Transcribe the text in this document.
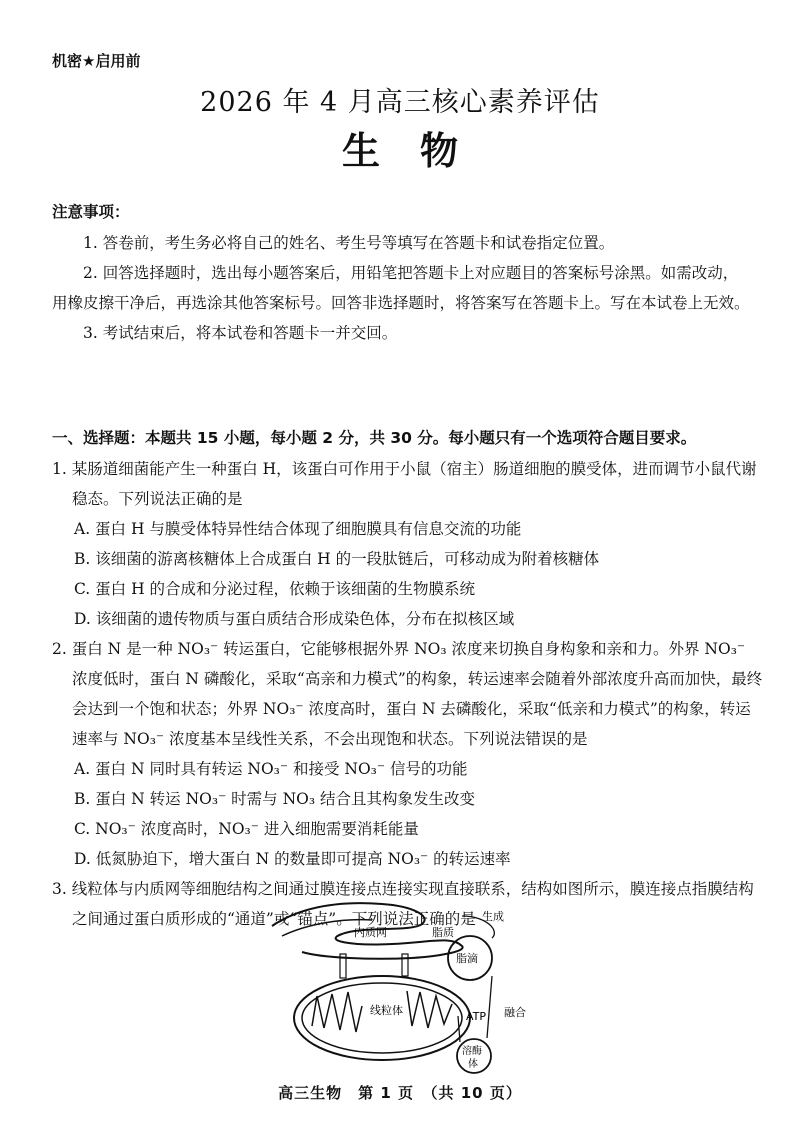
机密★启用前
2026 年 4 月高三核心素养评估
生物
注意事项：

1. 答卷前，考生务必将自己的姓名、考生号等填写在答题卡和试卷指定位置。

2. 回答选择题时，选出每小题答案后，用铅笔把答题卡上对应题目的答案标号涂黑。如需改动，用橡皮擦干净后，再选涂其他答案标号。回答非选择题时，将答案写在答题卡上。写在本试卷上无效。

3. 考试结束后，将本试卷和答题卡一并交回。

一、选择题：本题共 15 小题，每小题 2 分，共 30 分。每小题只有一个选项符合题目要求。

1. 某肠道细菌能产生一种蛋白 H，该蛋白可作用于小鼠（宿主）肠道细胞的膜受体，进而调节小鼠代谢稳态。下列说法正确的是

A. 蛋白 H 与膜受体特异性结合体现了细胞膜具有信息交流的功能

B. 该细菌的游离核糖体上合成蛋白 H 的一段肽链后，可移动成为附着核糖体

C. 蛋白 H 的合成和分泌过程，依赖于该细菌的生物膜系统

D. 该细菌的遗传物质与蛋白质结合形成染色体，分布在拟核区域

2. 蛋白 N 是一种 NO₃⁻ 转运蛋白，它能够根据外界 NO₃ 浓度来切换自身构象和亲和力。外界 NO₃⁻ 浓度低时，蛋白 N 磷酸化，采取“高亲和力模式”的构象，转运速率会随着外部浓度升高而加快，最终会达到一个饱和状态；外界 NO₃⁻ 浓度高时，蛋白 N 去磷酸化，采取“低亲和力模式”的构象，转运速率与 NO₃⁻ 浓度基本呈线性关系，不会出现饱和状态。下列说法错误的是

A. 蛋白 N 同时具有转运 NO₃⁻ 和接受 NO₃⁻ 信号的功能

B. 蛋白 N 转运 NO₃⁻ 时需与 NO₃ 结合且其构象发生改变

C. NO₃⁻ 浓度高时，NO₃⁻ 进入细胞需要消耗能量

D. 低氮胁迫下，增大蛋白 N 的数量即可提高 NO₃⁻ 的转运速率

3. 线粒体与内质网等细胞结构之间通过膜连接点连接实现直接联系，结构如图所示，膜连接点指膜结构之间通过蛋白质形成的“通道”或“锚点”。下列说法正确的是

内质网	脂质
脂滴
生成
线粒体	ATP 融合
溶酶
体
高三生物　第 1 页　（共 10 页）
